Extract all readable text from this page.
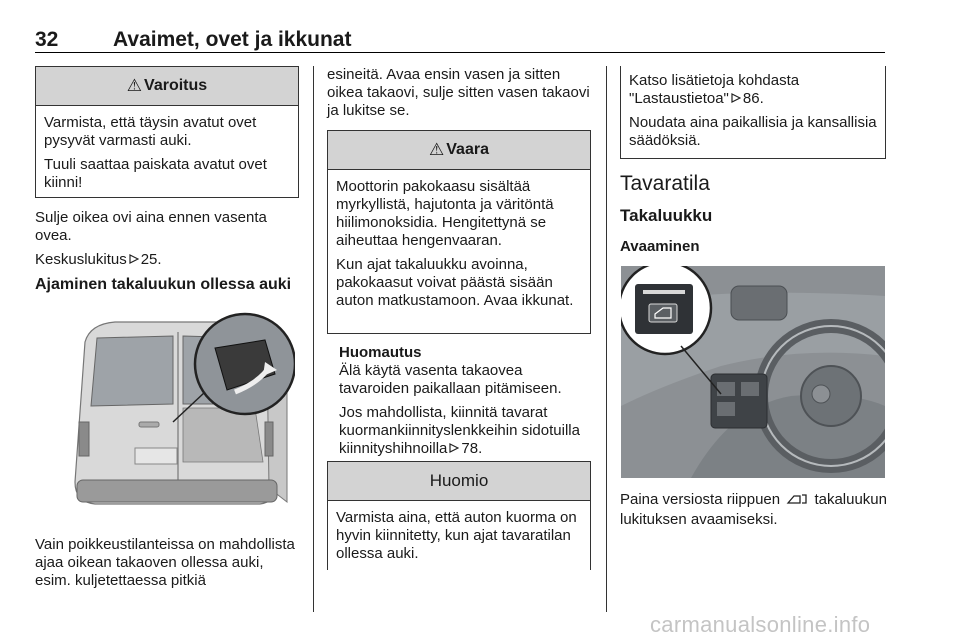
32	Avaimet, ovet ja ikkunat
⚠ Varoitus

Varmista, että täysin avatut ovet pysyvät varmasti auki.

Tuuli saattaa paiskata avatut ovet kiinni!

Sulje oikea ovi aina ennen vasenta ovea.

Keskuslukitus 25.

Ajaminen takaluukun ollessa auki

Vain poikkeustilanteissa on mahdollista ajaa oikean takaoven ollessa auki, esim. kuljetettaessa pitkiä

esineitä. Avaa ensin vasen ja sitten oikea takaovi, sulje sitten vasen takaovi ja lukitse se.

⚠ Vaara

Moottorin pakokaasu sisältää myrkyllistä, hajutonta ja väritöntä hiilimonoksidia. Hengitettynä se aiheuttaa hengenvaaran.

Kun ajat takaluukku avoinna, pakokaasut voivat päästä sisään auton matkustamoon. Avaa ikkunat.

Huomautus

Älä käytä vasenta takaovea tavaroiden paikallaan pitämiseen.

Jos mahdollista, kiinnitä tavarat kuormankiinnityslenkkeihin sidotuilla kiinnityshihnoilla 78.

Huomio

Varmista aina, että auton kuorma on hyvin kiinnitetty, kun ajat tavaratilan ollessa auki.

Katso lisätietoja kohdasta "Lastaustietoa" 86.

Noudata aina paikallisia ja kansallisia säädöksiä.

Tavaratila
Takaluukku
Avaaminen

Paina versiosta riippuen takaluukun lukituksen avaamiseksi.

carmanualsonline.info
